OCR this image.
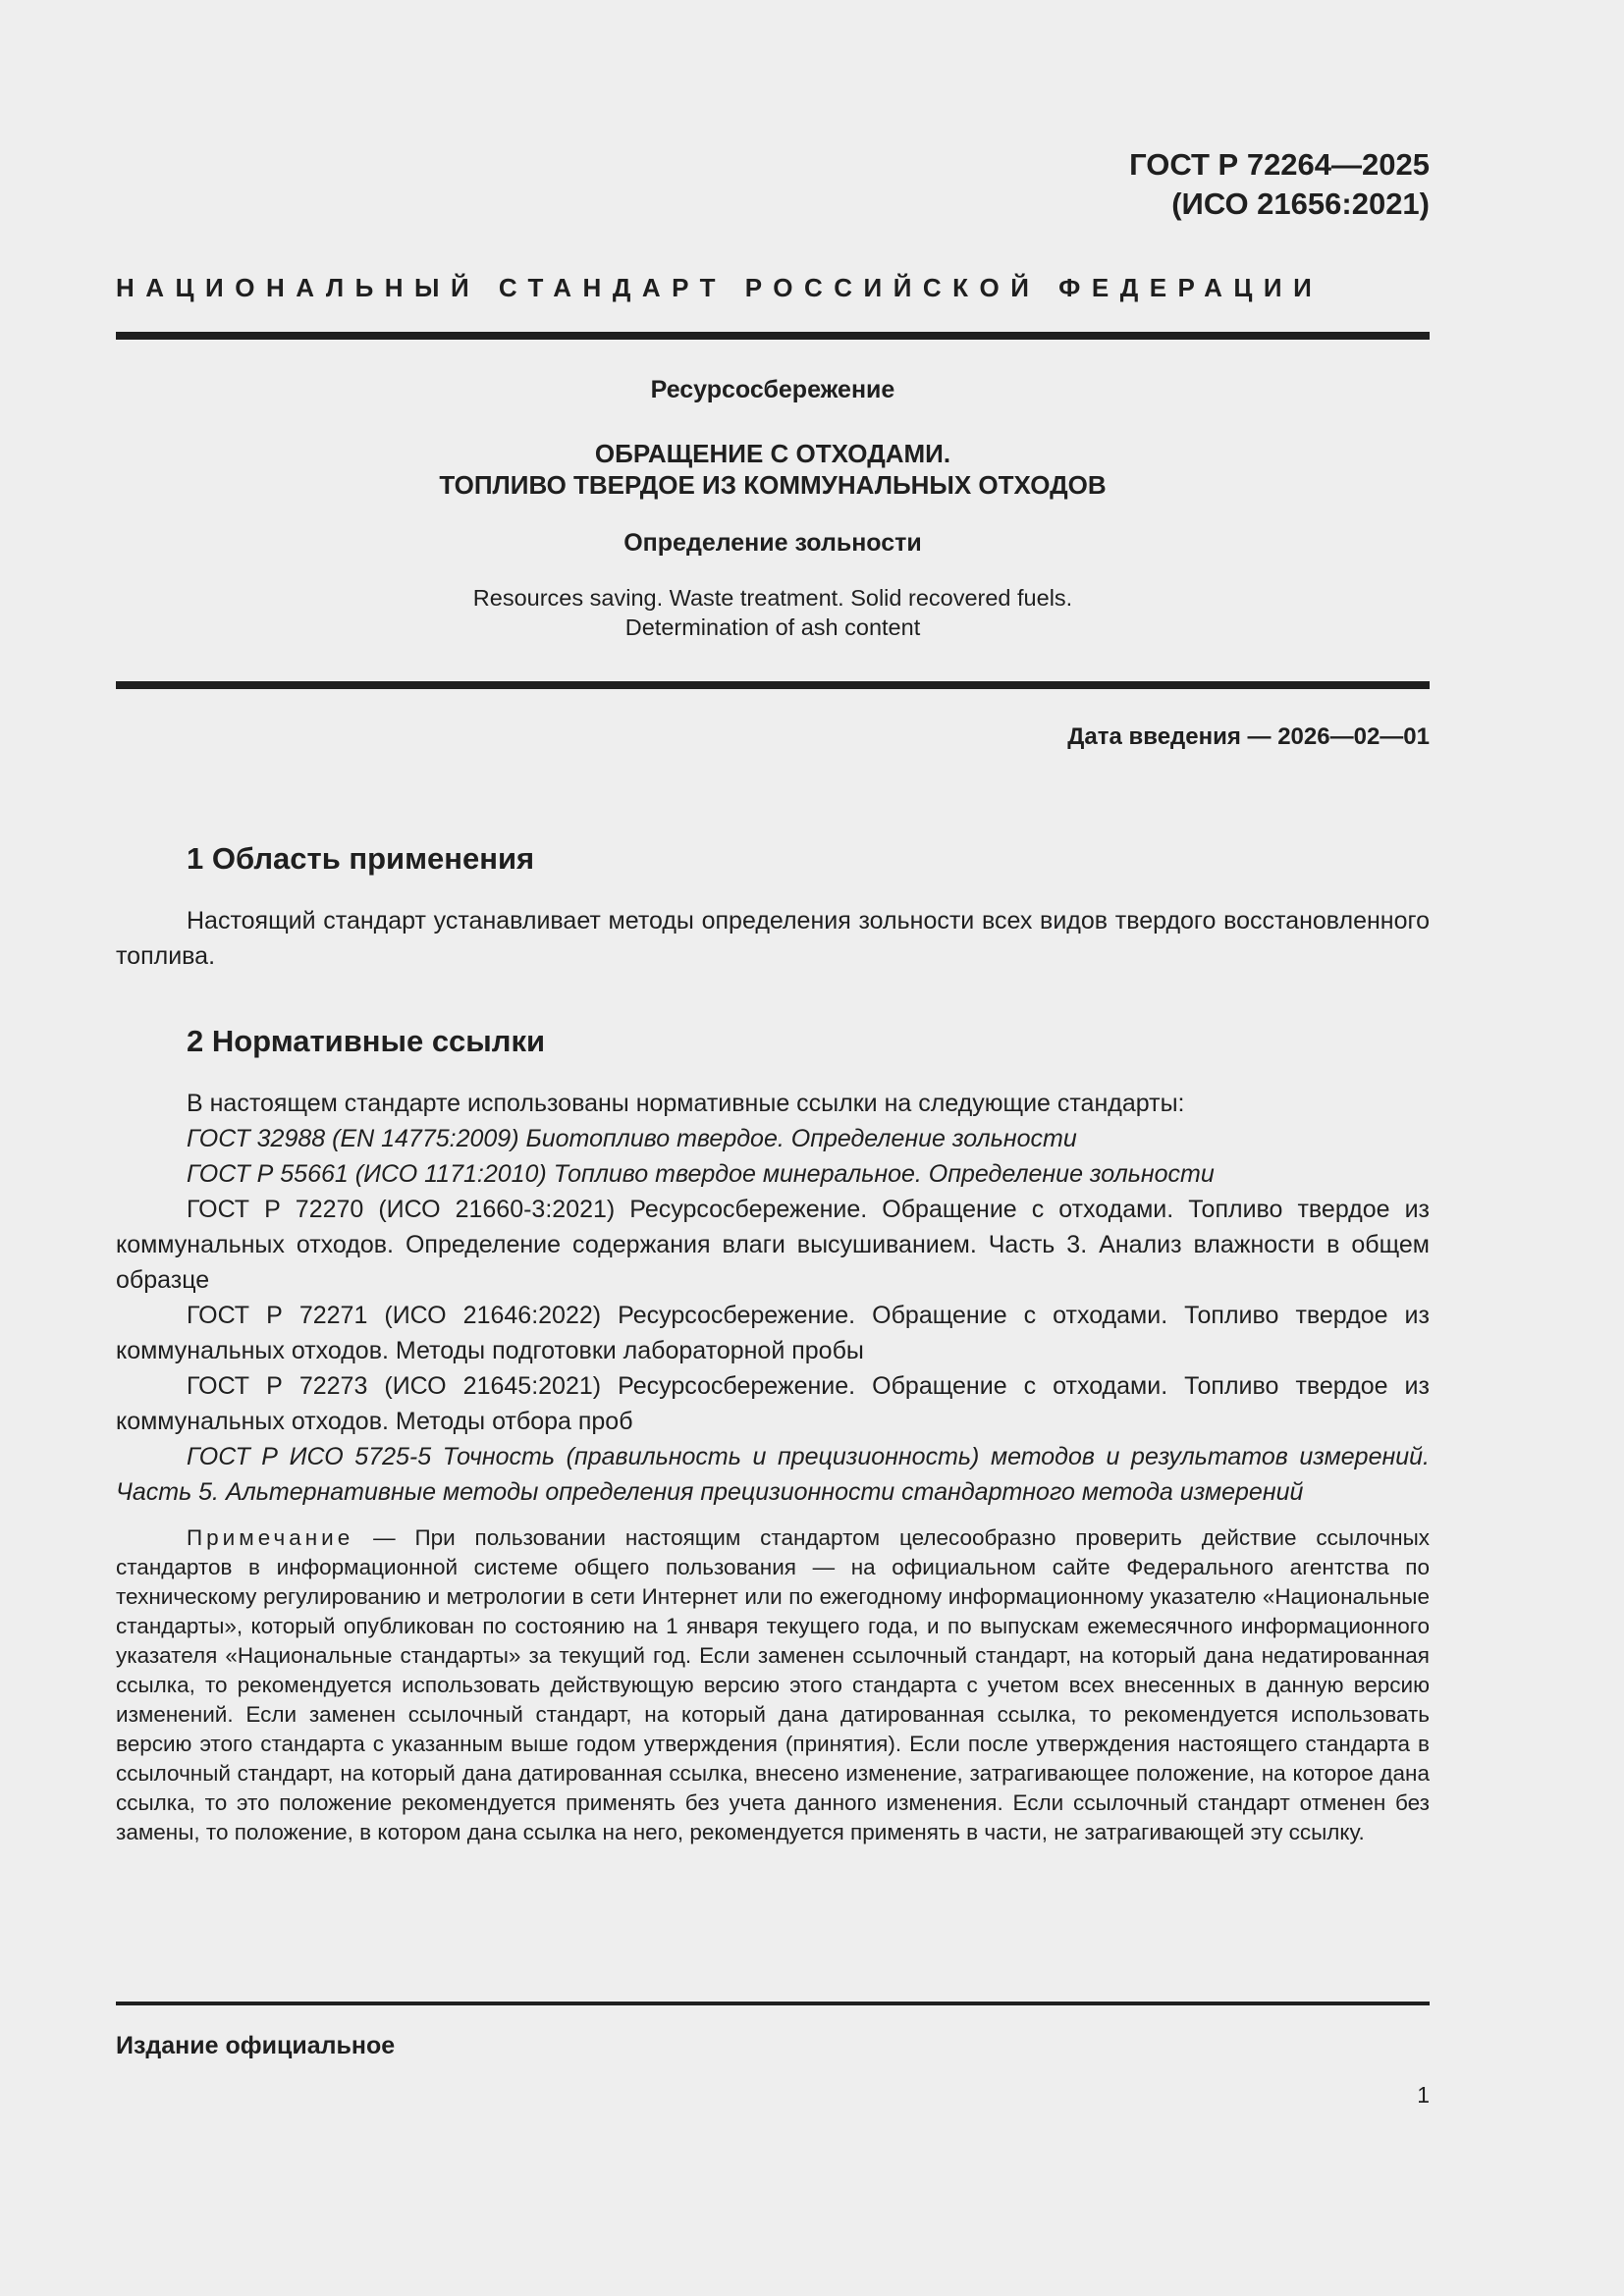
ГОСТ Р 72264—2025
(ИСО 21656:2021)
НАЦИОНАЛЬНЫЙ СТАНДАРТ РОССИЙСКОЙ ФЕДЕРАЦИИ
Ресурсосбережение
ОБРАЩЕНИЕ С ОТХОДАМИ.
ТОПЛИВО ТВЕРДОЕ ИЗ КОММУНАЛЬНЫХ ОТХОДОВ
Определение зольности
Resources saving. Waste treatment. Solid recovered fuels.
Determination of ash content
Дата введения — 2026—02—01
1 Область применения
Настоящий стандарт устанавливает методы определения зольности всех видов твердого восстановленного топлива.
2 Нормативные ссылки
В настоящем стандарте использованы нормативные ссылки на следующие стандарты:
ГОСТ 32988 (EN 14775:2009) Биотопливо твердое. Определение зольности
ГОСТ Р 55661 (ИСО 1171:2010) Топливо твердое минеральное. Определение зольности
ГОСТ Р 72270 (ИСО 21660-3:2021) Ресурсосбережение. Обращение с отходами. Топливо твердое из коммунальных отходов. Определение содержания влаги высушиванием. Часть 3. Анализ влажности в общем образце
ГОСТ Р 72271 (ИСО 21646:2022) Ресурсосбережение. Обращение с отходами. Топливо твердое из коммунальных отходов. Методы подготовки лабораторной пробы
ГОСТ Р 72273 (ИСО 21645:2021) Ресурсосбережение. Обращение с отходами. Топливо твердое из коммунальных отходов. Методы отбора проб
ГОСТ Р ИСО 5725-5 Точность (правильность и прецизионность) методов и результатов измерений. Часть 5. Альтернативные методы определения прецизионности стандартного метода измерений
Примечание — При пользовании настоящим стандартом целесообразно проверить действие ссылочных стандартов в информационной системе общего пользования — на официальном сайте Федерального агентства по техническому регулированию и метрологии в сети Интернет или по ежегодному информационному указателю «Национальные стандарты», который опубликован по состоянию на 1 января текущего года, и по выпускам ежемесячного информационного указателя «Национальные стандарты» за текущий год. Если заменен ссылочный стандарт, на который дана недатированная ссылка, то рекомендуется использовать действующую версию этого стандарта с учетом всех внесенных в данную версию изменений. Если заменен ссылочный стандарт, на который дана датированная ссылка, то рекомендуется использовать версию этого стандарта с указанным выше годом утверждения (принятия). Если после утверждения настоящего стандарта в ссылочный стандарт, на который дана датированная ссылка, внесено изменение, затрагивающее положение, на которое дана ссылка, то это положение рекомендуется применять без учета данного изменения. Если ссылочный стандарт отменен без замены, то положение, в котором дана ссылка на него, рекомендуется применять в части, не затрагивающей эту ссылку.
Издание официальное
1
